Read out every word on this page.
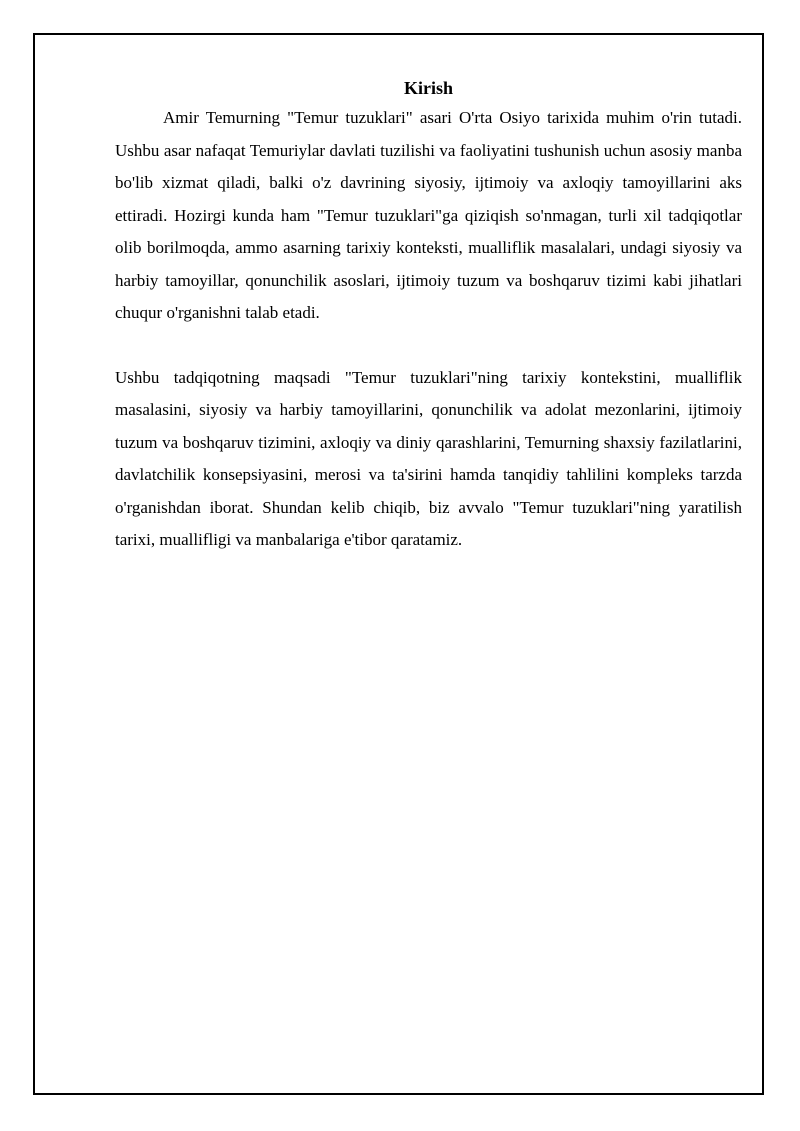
Kirish

Amir Temurning "Temur tuzuklari" asari O'rta Osiyo tarixida muhim o'rin tutadi. Ushbu asar nafaqat Temuriylar davlati tuzilishi va faoliyatini tushunish uchun asosiy manba bo'lib xizmat qiladi, balki o'z davrining siyosiy, ijtimoiy va axloqiy tamoyillarini aks ettiradi. Hozirgi kunda ham "Temur tuzuklari"ga qiziqish so'nmagan, turli xil tadqiqotlar olib borilmoqda, ammo asarning tarixiy konteksti, mualliflik masalalari, undagi siyosiy va harbiy tamoyillar, qonunchilik asoslari, ijtimoiy tuzum va boshqaruv tizimi kabi jihatlari chuqur o'rganishni talab etadi.

Ushbu tadqiqotning maqsadi "Temur tuzuklari"ning tarixiy kontekstini, mualliflik masalasini, siyosiy va harbiy tamoyillarini, qonunchilik va adolat mezonlarini, ijtimoiy tuzum va boshqaruv tizimini, axloqiy va diniy qarashlarini, Temurning shaxsiy fazilatlarini, davlatchilik konsepsiyasini, merosi va ta'sirini hamda tanqidiy tahlilini kompleks tarzda o'rganishdan iborat. Shundan kelib chiqib, biz avvalo "Temur tuzuklari"ning yaratilish tarixi, muallifligi va manbalariga e'tibor qaratamiz.
